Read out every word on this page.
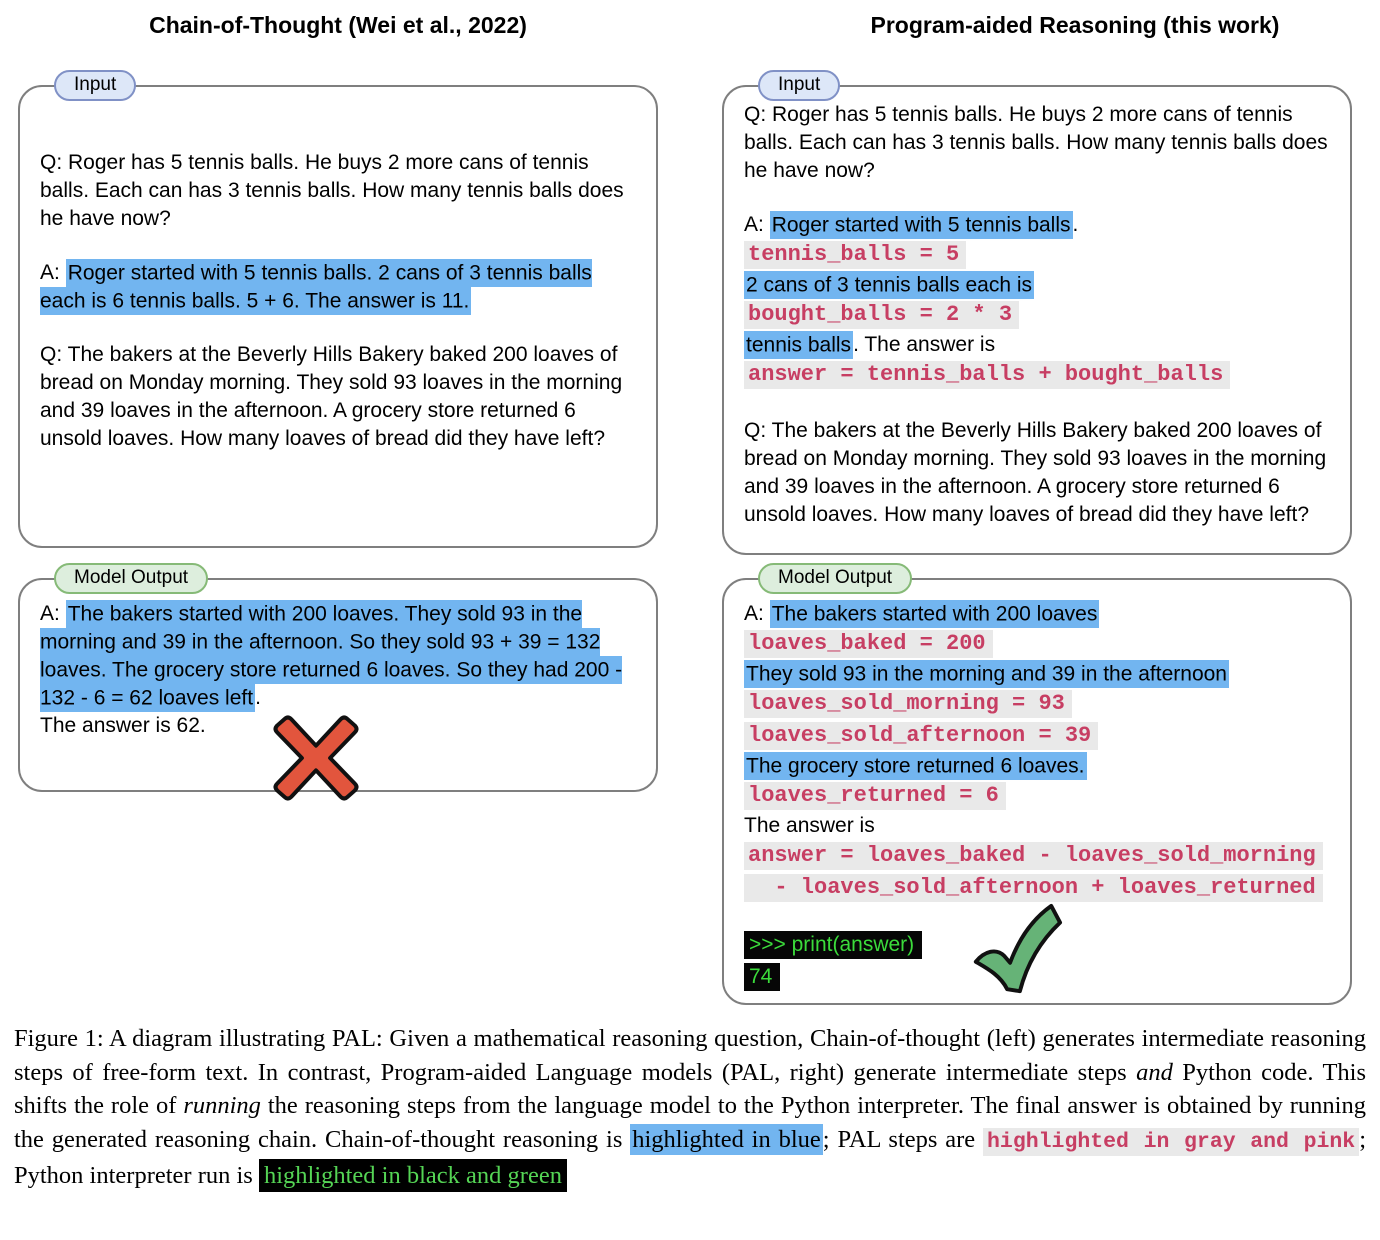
Chain-of-Thought (Wei et al., 2022)	Program-aided Reasoning (this work)
Input
Q: Roger has 5 tennis balls. He buys 2 more cans of tennis balls. Each can has 3 tennis balls. How many tennis balls does he have now?
A: Roger started with 5 tennis balls. 2 cans of 3 tennis balls each is 6 tennis balls. 5 + 6. The answer is 11.
Q: The bakers at the Beverly Hills Bakery baked 200 loaves of bread on Monday morning. They sold 93 loaves in the morning and 39 loaves in the afternoon. A grocery store returned 6 unsold loaves. How many loaves of bread did they have left?
Model Output
A: The bakers started with 200 loaves. They sold 93 in the morning and 39 in the afternoon. So they sold 93 + 39 = 132 loaves. The grocery store returned 6 loaves. So they had 200 - 132 - 6 = 62 loaves left.
The answer is 62.
Input
Q: Roger has 5 tennis balls. He buys 2 more cans of tennis balls. Each can has 3 tennis balls. How many tennis balls does he have now?
A: Roger started with 5 tennis balls.
tennis_balls = 5
2 cans of 3 tennis balls each is
bought_balls = 2 * 3
tennis balls. The answer is
answer = tennis_balls + bought_balls
Q: The bakers at the Beverly Hills Bakery baked 200 loaves of bread on Monday morning. They sold 93 loaves in the morning and 39 loaves in the afternoon. A grocery store returned 6 unsold loaves. How many loaves of bread did they have left?
Model Output
A: The bakers started with 200 loaves
loaves_baked = 200
They sold 93 in the morning and 39 in the afternoon
loaves_sold_morning = 93
loaves_sold_afternoon = 39
The grocery store returned 6 loaves.
loaves_returned = 6
The answer is
answer = loaves_baked - loaves_sold_morning
- loaves_sold_afternoon + loaves_returned
>>> print(answer)
74
Figure 1: A diagram illustrating PAL: Given a mathematical reasoning question, Chain-of-thought (left) generates intermediate reasoning steps of free-form text. In contrast, Program-aided Language models (PAL, right) generate intermediate steps and Python code. This shifts the role of running the reasoning steps from the language model to the Python interpreter. The final answer is obtained by running the generated reasoning chain. Chain-of-thought reasoning is highlighted in blue; PAL steps are highlighted in gray and pink ; Python interpreter run is highlighted in black and green
